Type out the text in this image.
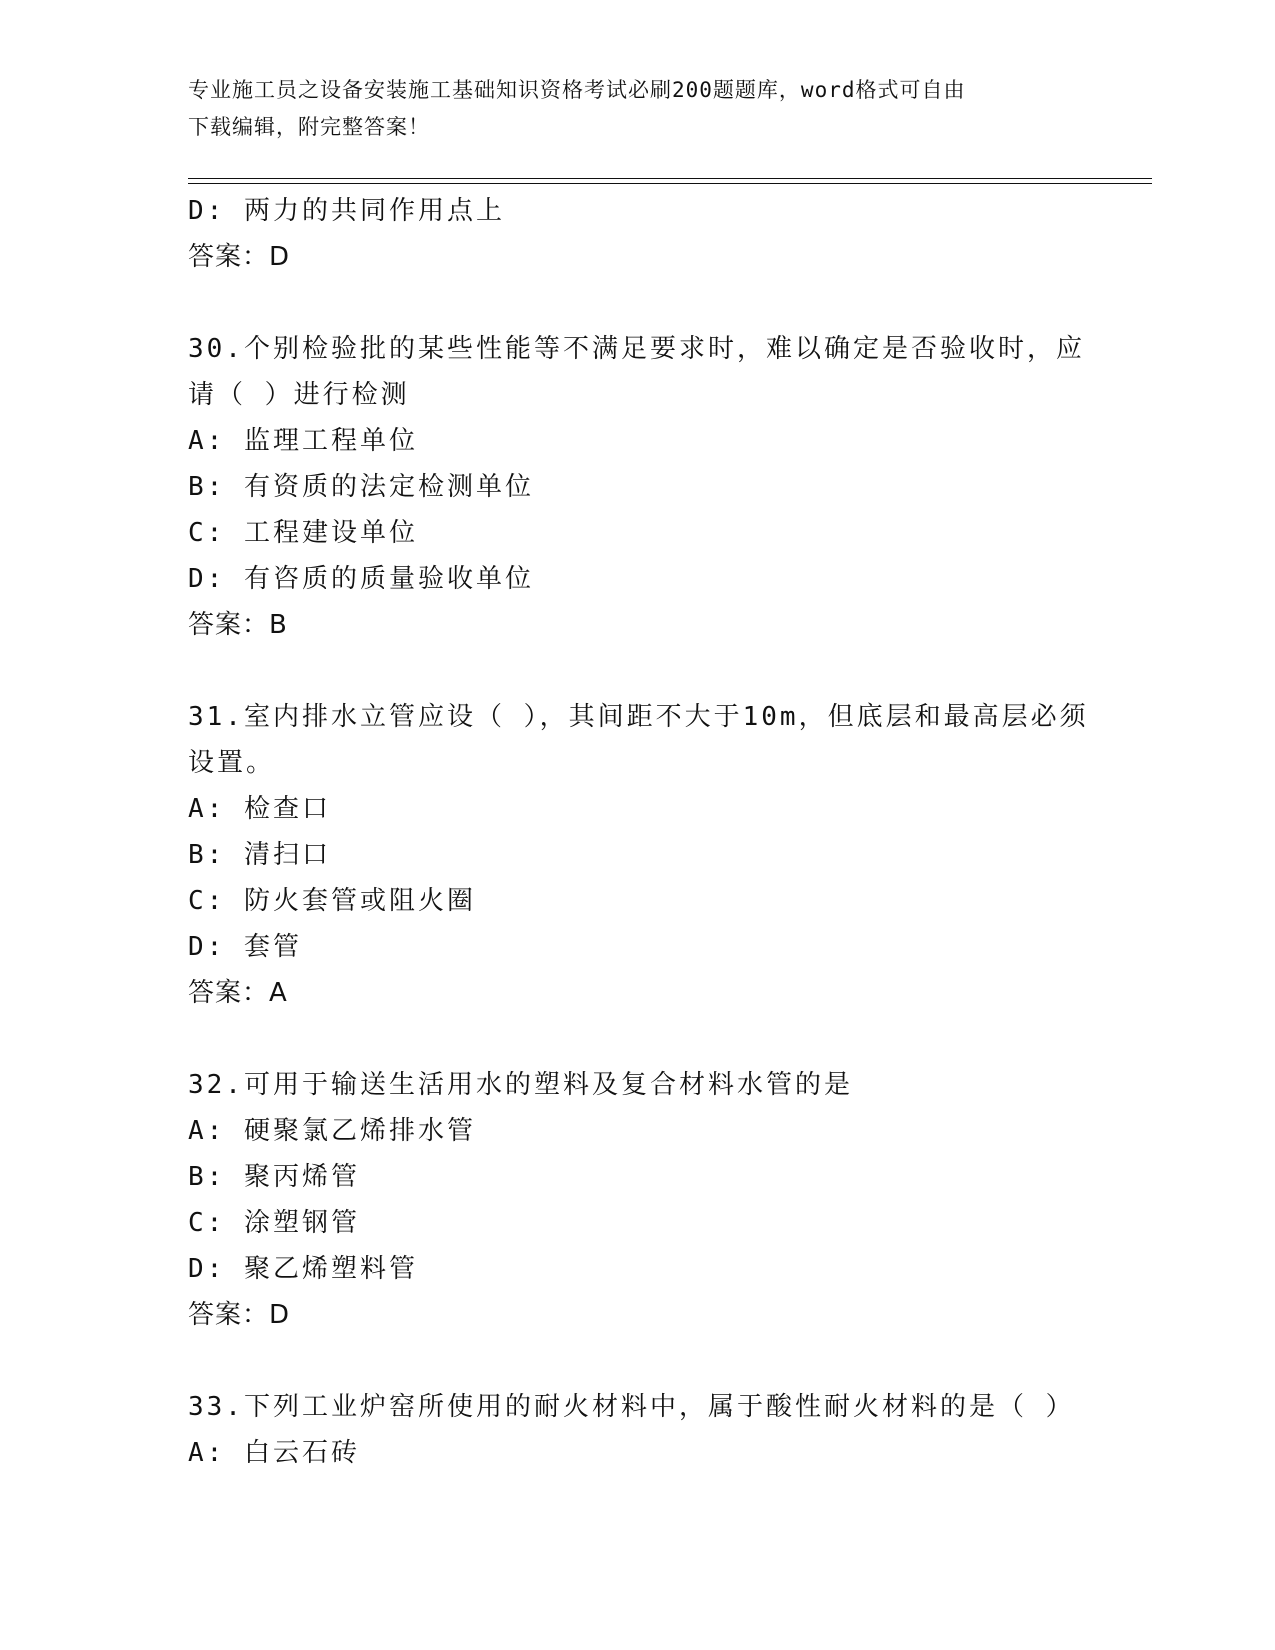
专业施工员之设备安装施工基础知识资格考试必刷200题题库，word格式可自由
下载编辑，附完整答案！
D: 两力的共同作用点上
答案：D
30.个别检验批的某些性能等不满足要求时，难以确定是否验收时，应
请（ ）进行检测
A: 监理工程单位
B: 有资质的法定检测单位
C: 工程建设单位
D: 有咨质的质量验收单位
答案：B
31.室内排水立管应设（ ），其间距不大于10m，但底层和最高层必须
设置。
A: 检查口
B: 清扫口
C: 防火套管或阻火圈
D: 套管
答案：A
32.可用于输送生活用水的塑料及复合材料水管的是
A: 硬聚氯乙烯排水管
B: 聚丙烯管
C: 涂塑钢管
D: 聚乙烯塑料管
答案：D
33.下列工业炉窑所使用的耐火材料中，属于酸性耐火材料的是（ ）
A: 白云石砖
